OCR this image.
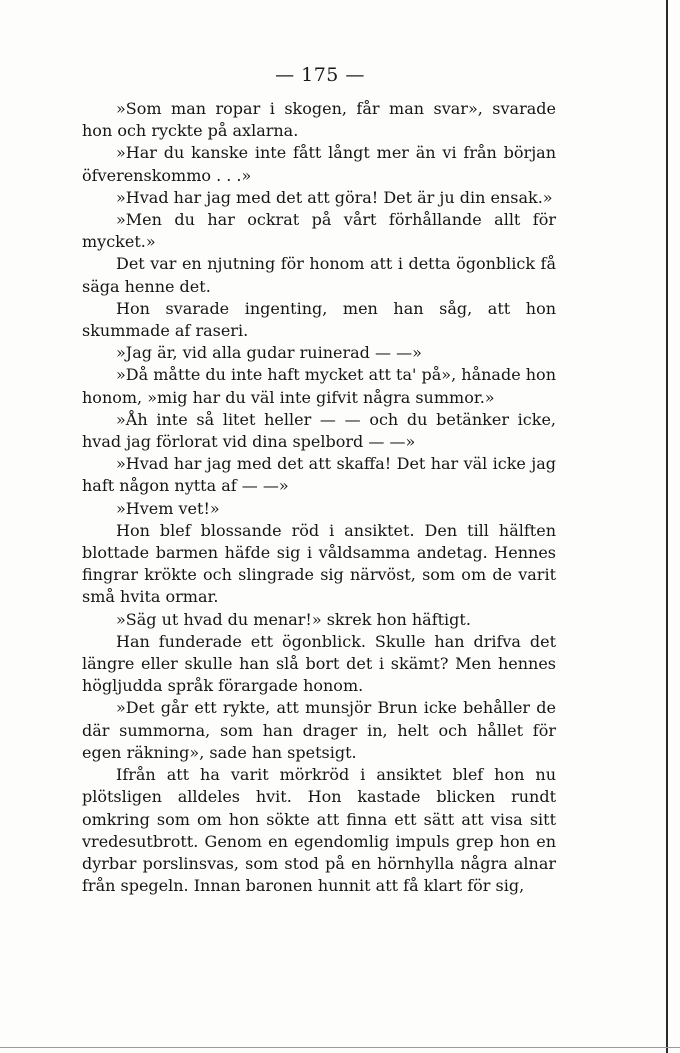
— 175 —

»Som man ropar i skogen, får man svar», svarade hon och ryckte på axlarna.

»Har du kanske inte fått långt mer än vi från början öfverenskommo . . .»

»Hvad har jag med det att göra! Det är ju din ensak.»

»Men du har ockrat på vårt förhållande allt för mycket.»

Det var en njutning för honom att i detta ögonblick få säga henne det.

Hon svarade ingenting, men han såg, att hon skummade af raseri.

»Jag är, vid alla gudar ruinerad — —»

»Då måtte du inte haft mycket att ta' på», hånade hon honom, »mig har du väl inte gifvit några summor.»

»Åh inte så litet heller — — och du betänker icke, hvad jag förlorat vid dina spelbord — —»

»Hvad har jag med det att skaffa! Det har väl icke jag haft någon nytta af — —»

»Hvem vet!»

Hon blef blossande röd i ansiktet. Den till hälften blottade barmen häfde sig i våldsamma andetag. Hennes fingrar krökte och slingrade sig närvöst, som om de varit små hvita ormar.

»Säg ut hvad du menar!» skrek hon häftigt.

Han funderade ett ögonblick. Skulle han drifva det längre eller skulle han slå bort det i skämt? Men hennes högljudda språk förargade honom.

»Det går ett rykte, att munsjör Brun icke behåller de där summorna, som han drager in, helt och hållet för egen räkning», sade han spetsigt.

Ifrån att ha varit mörkröd i ansiktet blef hon nu plötsligen alldeles hvit. Hon kastade blicken rundt omkring som om hon sökte att finna ett sätt att visa sitt vredesutbrott. Genom en egendomlig impuls grep hon en dyrbar porslinsvas, som stod på en hörnhylla några alnar från spegeln. Innan baronen hunnit att få klart för sig,
